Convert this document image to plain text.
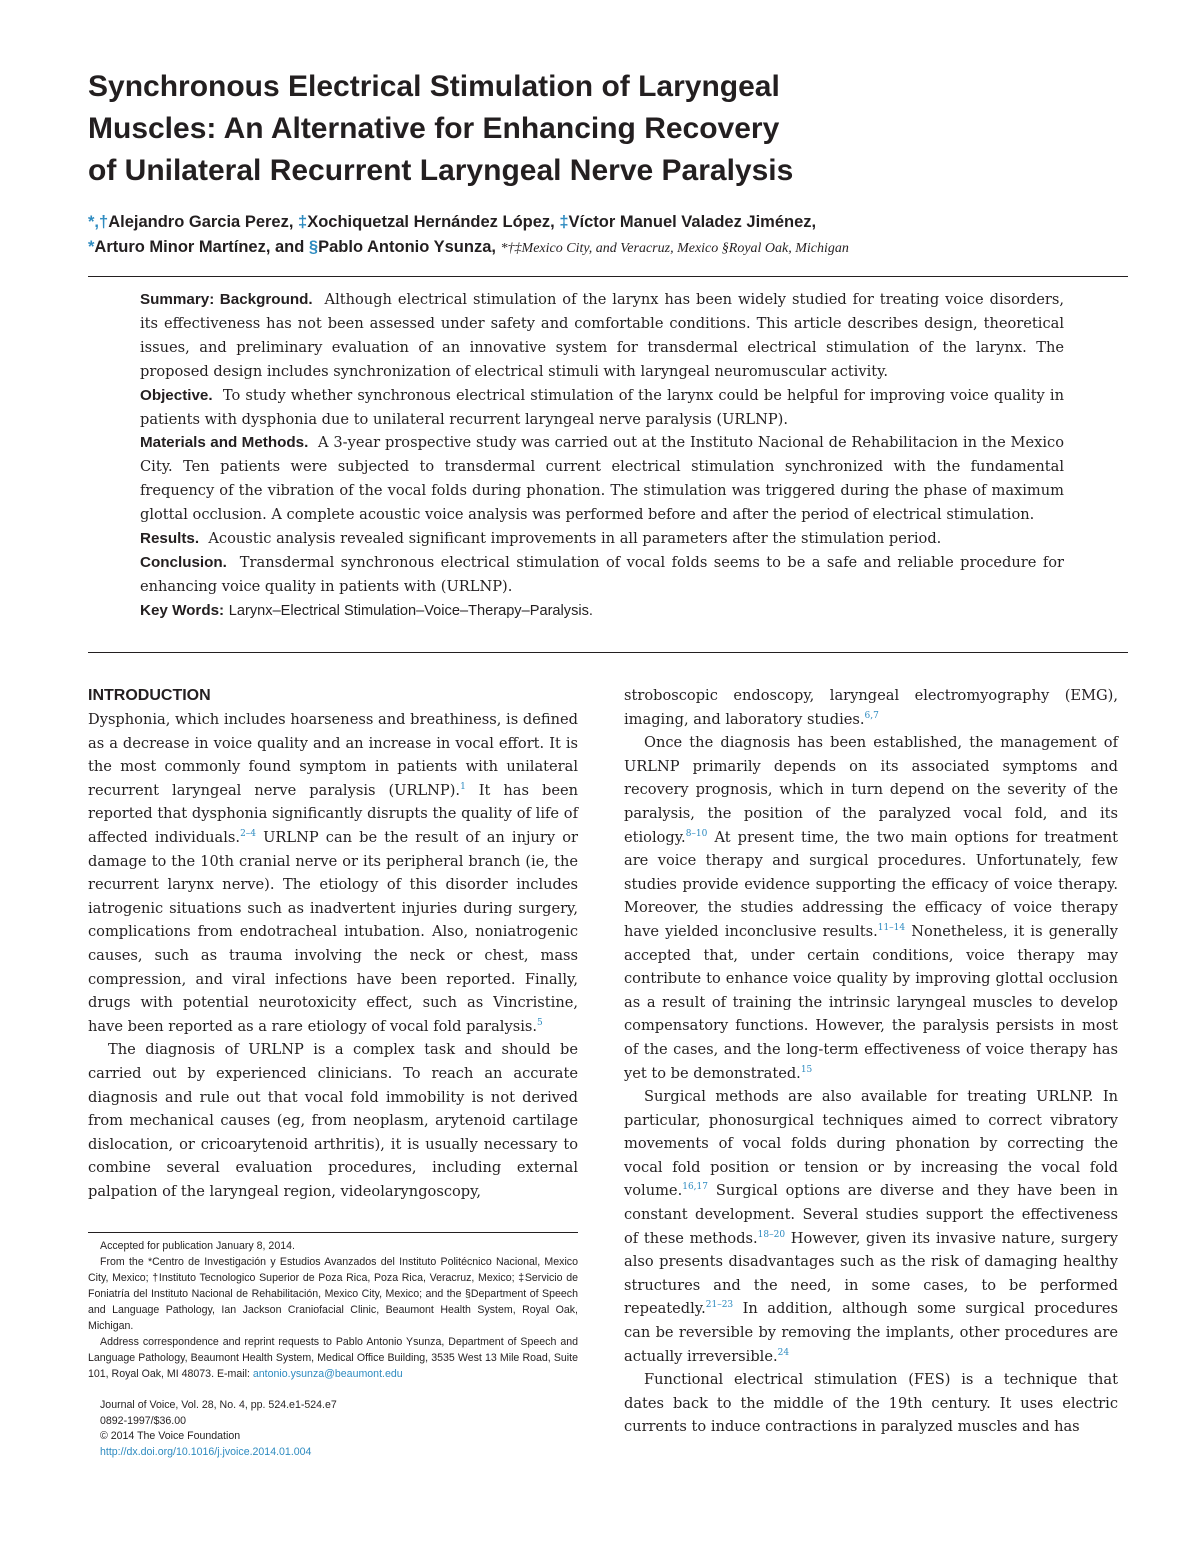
Synchronous Electrical Stimulation of Laryngeal
Muscles: An Alternative for Enhancing Recovery
of Unilateral Recurrent Laryngeal Nerve Paralysis
*,†Alejandro Garcia Perez, ‡Xochiquetzal Hernández López, ‡Víctor Manuel Valadez Jiménez,
*Arturo Minor Martínez, and §Pablo Antonio Ysunza, *†‡Mexico City, and Veracruz, Mexico §Royal Oak, Michigan

Summary: Background. Although electrical stimulation of the larynx has been widely studied for treating voice disorders, its effectiveness has not been assessed under safety and comfortable conditions. This article describes design, theoretical issues, and preliminary evaluation of an innovative system for transdermal electrical stimulation of the larynx. The proposed design includes synchronization of electrical stimuli with laryngeal neuromuscular activity.

Objective. To study whether synchronous electrical stimulation of the larynx could be helpful for improving voice quality in patients with dysphonia due to unilateral recurrent laryngeal nerve paralysis (URLNP).

Materials and Methods. A 3-year prospective study was carried out at the Instituto Nacional de Rehabilitacion in the Mexico City. Ten patients were subjected to transdermal current electrical stimulation synchronized with the fundamental frequency of the vibration of the vocal folds during phonation. The stimulation was triggered during the phase of maximum glottal occlusion. A complete acoustic voice analysis was performed before and after the period of electrical stimulation.

Results. Acoustic analysis revealed significant improvements in all parameters after the stimulation period.

Conclusion. Transdermal synchronous electrical stimulation of vocal folds seems to be a safe and reliable procedure for enhancing voice quality in patients with (URLNP).

Key Words: Larynx–Electrical Stimulation–Voice–Therapy–Paralysis.

INTRODUCTION

Dysphonia, which includes hoarseness and breathiness, is defined as a decrease in voice quality and an increase in vocal effort. It is the most commonly found symptom in patients with unilateral recurrent laryngeal nerve paralysis (URLNP).$^1$ It has been reported that dysphonia significantly disrupts the quality of life of affected individuals.$^{2-4}$ URLNP can be the result of an injury or damage to the 10th cranial nerve or its peripheral branch (ie, the recurrent larynx nerve). The etiology of this disorder includes iatrogenic situations such as inadvertent injuries during surgery, complications from endotracheal intubation. Also, noniatrogenic causes, such as trauma involving the neck or chest, mass compression, and viral infections have been reported. Finally, drugs with potential neurotoxicity effect, such as Vincristine, have been reported as a rare etiology of vocal fold paralysis.$^5$

The diagnosis of URLNP is a complex task and should be carried out by experienced clinicians. To reach an accurate diagnosis and rule out that vocal fold immobility is not derived from mechanical causes (eg, from neoplasm, arytenoid cartilage dislocation, or cricoarytenoid arthritis), it is usually necessary to combine several evaluation procedures, including external palpation of the laryngeal region, videolaryngoscopy,

stroboscopic endoscopy, laryngeal electromyography (EMG), imaging, and laboratory studies.$^{6,7}$

Once the diagnosis has been established, the management of URLNP primarily depends on its associated symptoms and recovery prognosis, which in turn depend on the severity of the paralysis, the position of the paralyzed vocal fold, and its etiology.$^{8-10}$ At present time, the two main options for treatment are voice therapy and surgical procedures. Unfortunately, few studies provide evidence supporting the efficacy of voice therapy. Moreover, the studies addressing the efficacy of voice therapy have yielded inconclusive results.$^{11-14}$ Nonetheless, it is generally accepted that, under certain conditions, voice therapy may contribute to enhance voice quality by improving glottal occlusion as a result of training the intrinsic laryngeal muscles to develop compensatory functions. However, the paralysis persists in most of the cases, and the long-term effectiveness of voice therapy has yet to be demonstrated.$^{15}$

Surgical methods are also available for treating URLNP. In particular, phonosurgical techniques aimed to correct vibratory movements of vocal folds during phonation by correcting the vocal fold position or tension or by increasing the vocal fold volume.$^{16,17}$ Surgical options are diverse and they have been in constant development. Several studies support the effectiveness of these methods.$^{18-20}$ However, given its invasive nature, surgery also presents disadvantages such as the risk of damaging healthy structures and the need, in some cases, to be performed repeatedly.$^{21-23}$ In addition, although some surgical procedures can be reversible by removing the implants, other procedures are actually irreversible.$^{24}$

Functional electrical stimulation (FES) is a technique that dates back to the middle of the 19th century. It uses electric currents to induce contractions in paralyzed muscles and has

Accepted for publication January 8, 2014.

From the *Centro de Investigación y Estudios Avanzados del Instituto Politécnico Nacional, Mexico City, Mexico; †Instituto Tecnologico Superior de Poza Rica, Poza Rica, Veracruz, Mexico; ‡Servicio de Foniatría del Instituto Nacional de Rehabilitación, Mexico City, Mexico; and the §Department of Speech and Language Pathology, Ian Jackson Craniofacial Clinic, Beaumont Health System, Royal Oak, Michigan.

Address correspondence and reprint requests to Pablo Antonio Ysunza, Department of Speech and Language Pathology, Beaumont Health System, Medical Office Building, 3535 West 13 Mile Road, Suite 101, Royal Oak, MI 48073. E-mail: antonio.ysunza@beaumont.edu

Journal of Voice, Vol. 28, No. 4, pp. 524.e1-524.e7
0892-1997/$36.00
© 2014 The Voice Foundation
http://dx.doi.org/10.1016/j.jvoice.2014.01.004
